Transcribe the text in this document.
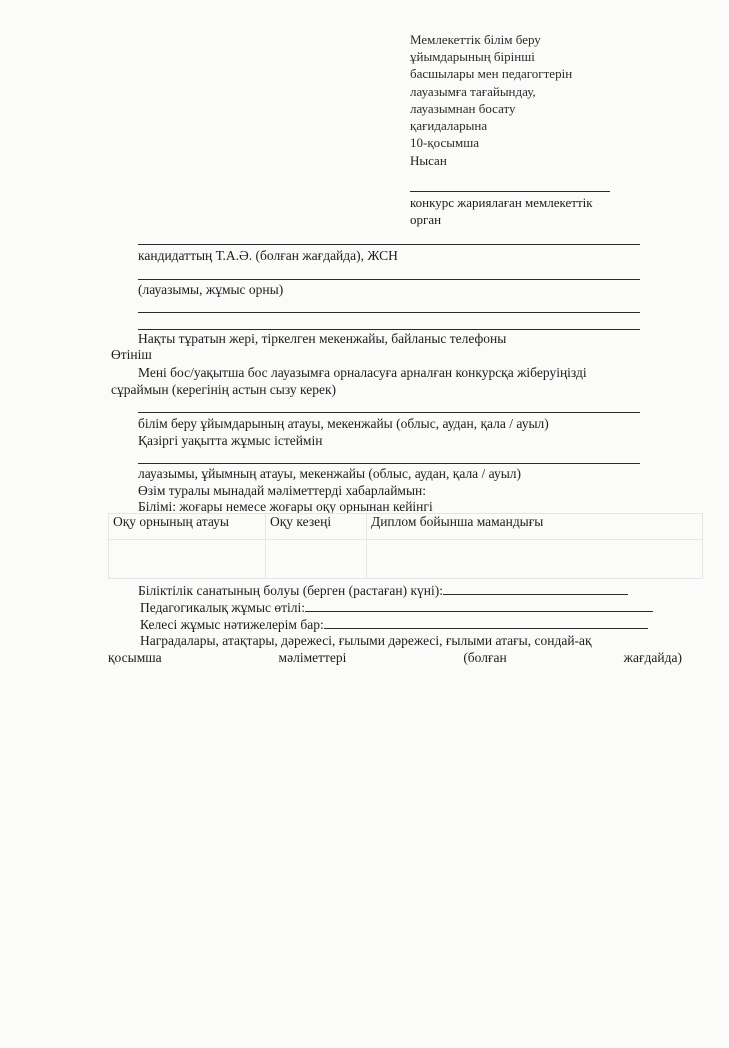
Мемлекеттік білім беру
ұйымдарының бірінші
басшылары мен педагогтерін
лауазымға тағайындау,
лауазымнан босату
қағидаларына
10-қосымша
Нысан
конкурс жариялаған мемлекеттік
орган
кандидаттың Т.А.Ә. (болған жағдайда), ЖСН
(лауазымы, жұмыс орны)
Нақты тұратын жері, тіркелген мекенжайы, байланыс телефоны
Өтініш
Мені бос/уақытша бос лауазымға орналасуға арналған конкурсқа жіберуіңізді
сұраймын (керегінің астын сызу керек)
білім беру ұйымдарының атауы, мекенжайы (облыс, аудан, қала / ауыл)
Қазіргі уақытта жұмыс істеймін
лауазымы, ұйымның атауы, мекенжайы (облыс, аудан, қала / ауыл)
Өзім туралы мынадай мәліметтерді хабарлаймын:
Білімі: жоғары немесе жоғары оқу орнынан кейінгі
Оқу орнының атауы	Оқу кезеңі	Диплом бойынша мамандығы

Біліктілік санатының болуы (берген (растаған) күні):
Педагогикалық жұмыс өтілі:
Келесі жұмыс нәтижелерім бар:
Наградалары, атақтары, дәрежесі, ғылыми дәрежесі, ғылыми атағы, сондай-ақ
қосымша	мәліметтері	(болған	жағдайда)
